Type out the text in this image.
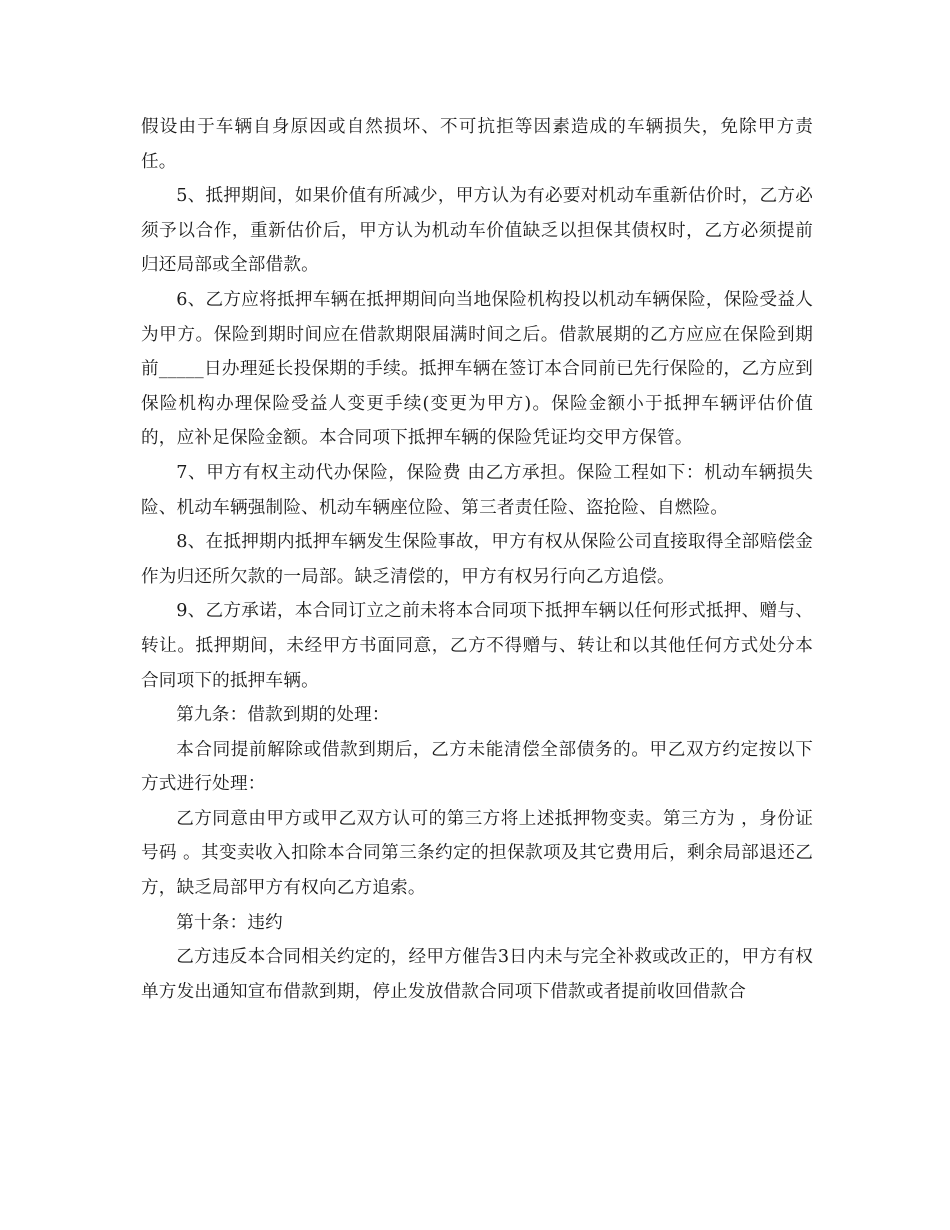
假设由于车辆自身原因或自然损坏、不可抗拒等因素造成的车辆损失，免除甲方责任。

5、抵押期间，如果价值有所减少，甲方认为有必要对机动车重新估价时，乙方必须予以合作，重新估价后，甲方认为机动车价值缺乏以担保其债权时，乙方必须提前归还局部或全部借款。

6、乙方应将抵押车辆在抵押期间向当地保险机构投以机动车辆保险，保险受益人为甲方。保险到期时间应在借款期限届满时间之后。借款展期的乙方应应在保险到期前_____日办理延长投保期的手续。抵押车辆在签订本合同前已先行保险的，乙方应到保险机构办理保险受益人变更手续(变更为甲方)。保险金额小于抵押车辆评估价值的，应补足保险金额。本合同项下抵押车辆的保险凭证均交甲方保管。

7、甲方有权主动代办保险，保险费 由乙方承担。保险工程如下：机动车辆损失险、机动车辆强制险、机动车辆座位险、第三者责任险、盗抢险、自燃险。

8、在抵押期内抵押车辆发生保险事故，甲方有权从保险公司直接取得全部赔偿金作为归还所欠款的一局部。缺乏清偿的，甲方有权另行向乙方追偿。

9、乙方承诺，本合同订立之前未将本合同项下抵押车辆以任何形式抵押、赠与、转让。抵押期间，未经甲方书面同意，乙方不得赠与、转让和以其他任何方式处分本合同项下的抵押车辆。

第九条：借款到期的处理：

本合同提前解除或借款到期后，乙方未能清偿全部债务的。甲乙双方约定按以下方式进行处理：

乙方同意由甲方或甲乙双方认可的第三方将上述抵押物变卖。第三方为 ，身份证号码 。其变卖收入扣除本合同第三条约定的担保款项及其它费用后，剩余局部退还乙方，缺乏局部甲方有权向乙方追索。

第十条：违约

乙方违反本合同相关约定的，经甲方催告3日内未与完全补救或改正的，甲方有权单方发出通知宣布借款到期，停止发放借款合同项下借款或者提前收回借款合
